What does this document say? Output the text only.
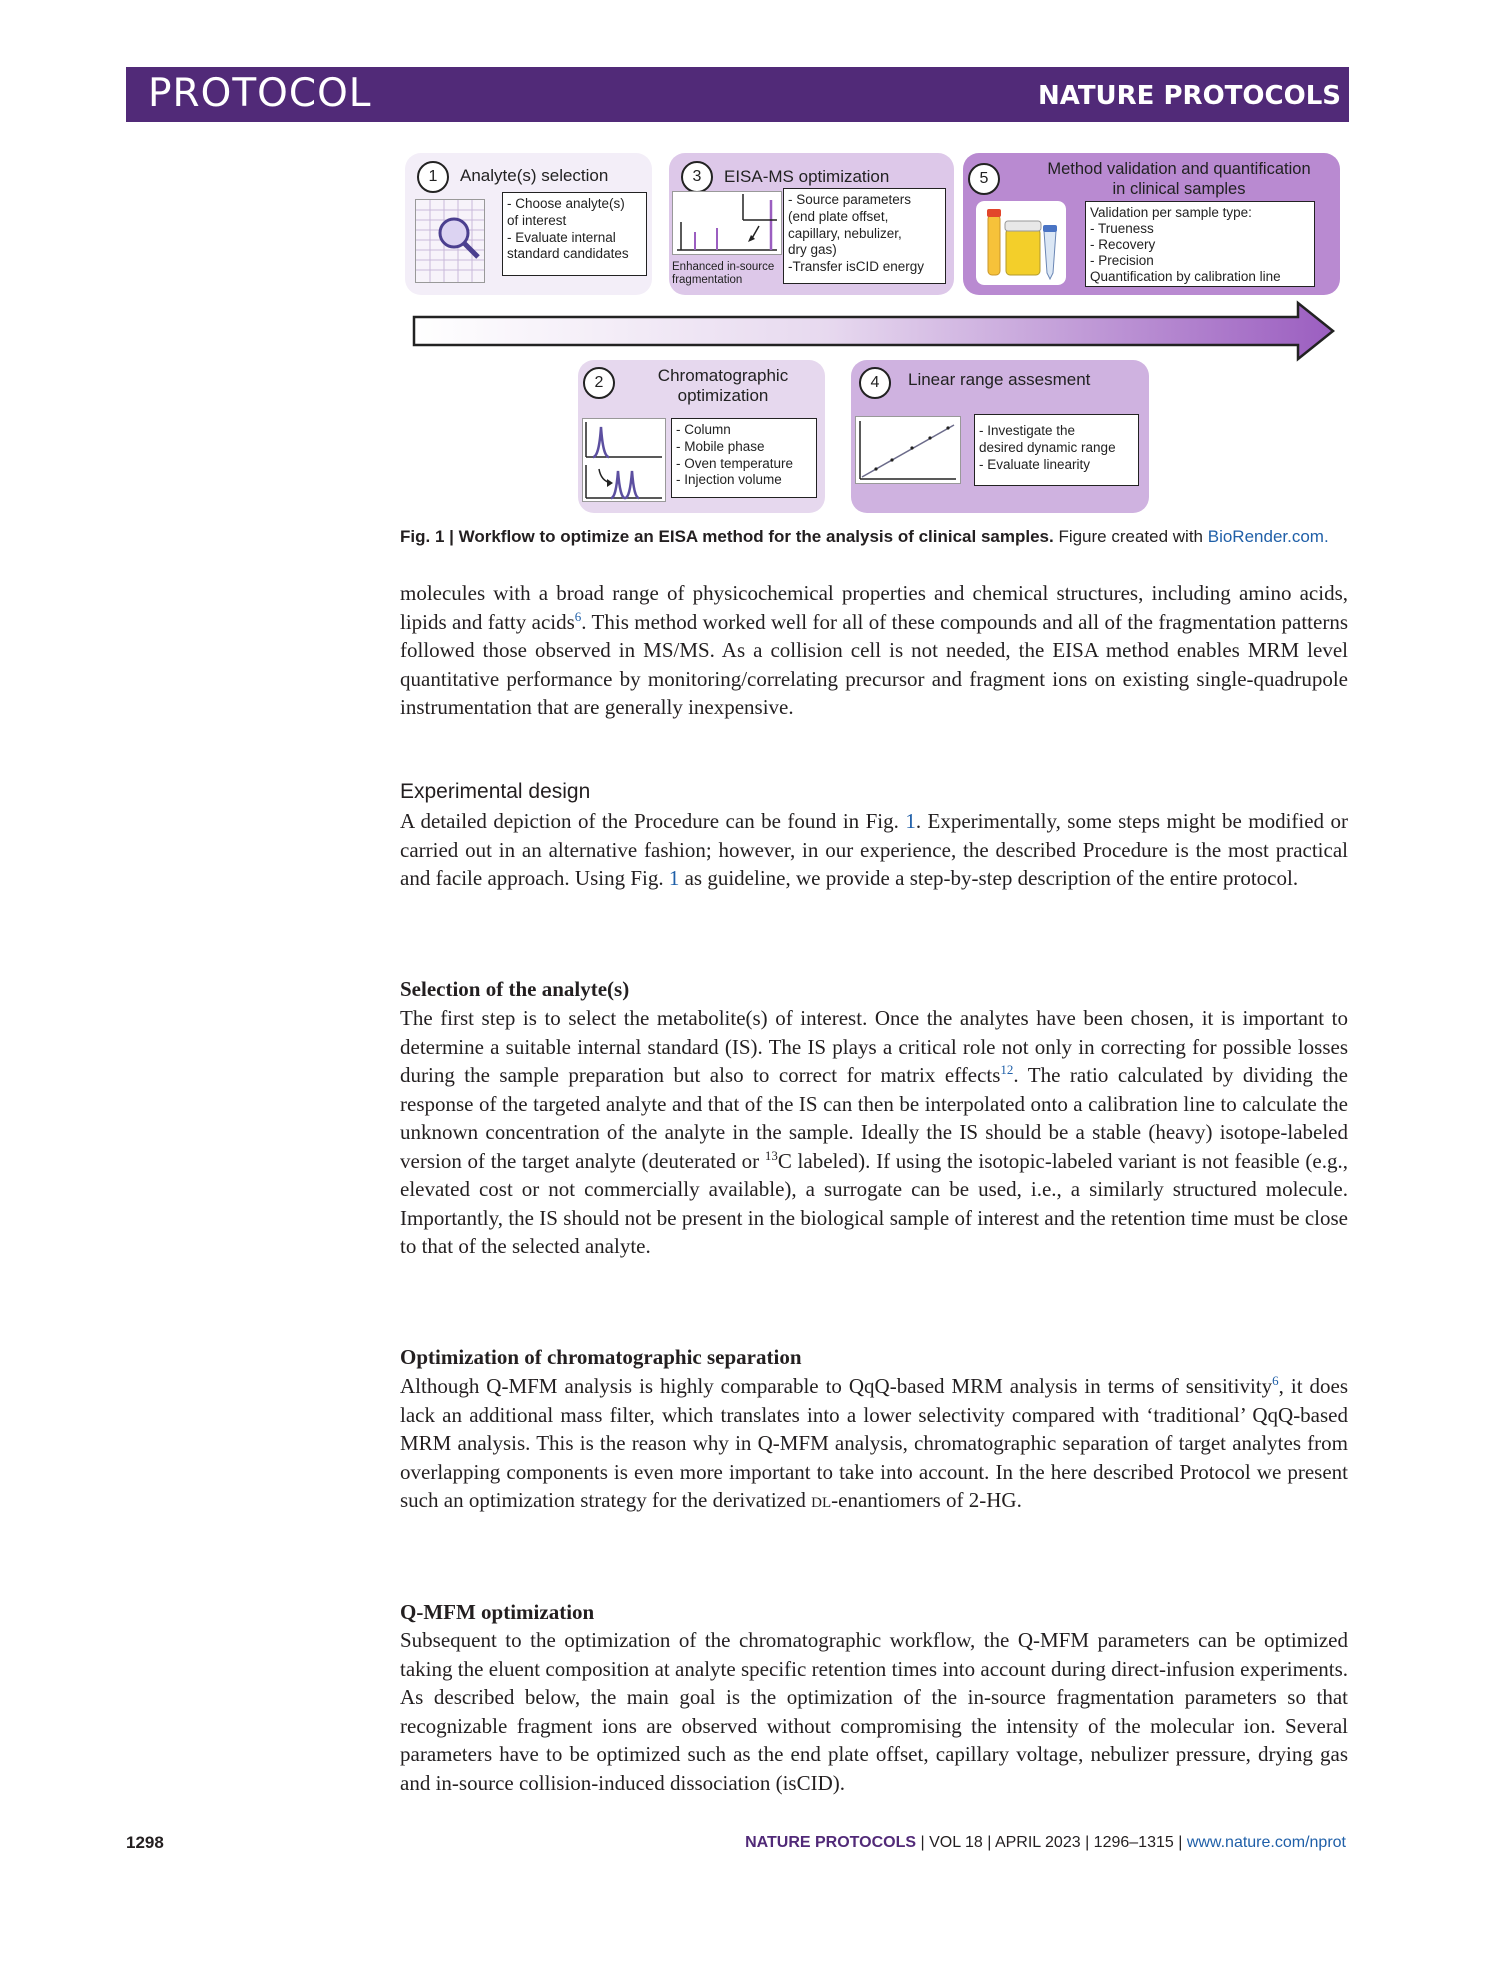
PROTOCOL	NATURE PROTOCOLS
1	Analyte(s) selection
- Choose analyte(s)
of interest
- Evaluate internal
standard candidates
3	EISA-MS optimization
Enhanced in-source
fragmentation
- Source parameters
(end plate offset,
capillary, nebulizer,
dry gas)
-Transfer isCID energy
5
Method validation and quantification
in clinical samples
Validation per sample type:
- Trueness
- Recovery
- Precision
Quantification by calibration line
2	Chromatographic
optimization
- Column
- Mobile phase
- Oven temperature
- Injection volume
4	Linear range assesment
- Investigate the
desired dynamic range
- Evaluate linearity
Fig. 1 | Workflow to optimize an EISA method for the analysis of clinical samples. Figure created with BioRender.com.
molecules with a broad range of physicochemical properties and chemical structures, including amino acids, lipids and fatty acids$^6$. This method worked well for all of these compounds and all of the fragmentation patterns followed those observed in MS/MS. As a collision cell is not needed, the EISA method enables MRM level quantitative performance by monitoring/correlating precursor and fragment ions on existing single-quadrupole instrumentation that are generally inexpensive.
Experimental design
A detailed depiction of the Procedure can be found in Fig. 1. Experimentally, some steps might be modified or carried out in an alternative fashion; however, in our experience, the described Procedure is the most practical and facile approach. Using Fig. 1 as guideline, we provide a step-by-step description of the entire protocol.
Selection of the analyte(s)
The first step is to select the metabolite(s) of interest. Once the analytes have been chosen, it is important to determine a suitable internal standard (IS). The IS plays a critical role not only in correcting for possible losses during the sample preparation but also to correct for matrix effects$^{12}$. The ratio calculated by dividing the response of the targeted analyte and that of the IS can then be interpolated onto a calibration line to calculate the unknown concentration of the analyte in the sample. Ideally the IS should be a stable (heavy) isotope-labeled version of the target analyte (deuterated or $^{13}$C labeled). If using the isotopic-labeled variant is not feasible (e.g., elevated cost or not commercially available), a surrogate can be used, i.e., a similarly structured molecule. Importantly, the IS should not be present in the biological sample of interest and the retention time must be close to that of the selected analyte.
Optimization of chromatographic separation
Although Q-MFM analysis is highly comparable to QqQ-based MRM analysis in terms of sensitivity$^6$, it does lack an additional mass filter, which translates into a lower selectivity compared with ‘traditional’ QqQ-based MRM analysis. This is the reason why in Q-MFM analysis, chromatographic separation of target analytes from overlapping components is even more important to take into account. In the here described Protocol we present such an optimization strategy for the derivatized dl-enantiomers of 2-HG.
Q-MFM optimization
Subsequent to the optimization of the chromatographic workflow, the Q-MFM parameters can be optimized taking the eluent composition at analyte specific retention times into account during direct-infusion experiments. As described below, the main goal is the optimization of the in-source fragmentation parameters so that recognizable fragment ions are observed without compromising the intensity of the molecular ion. Several parameters have to be optimized such as the end plate offset, capillary voltage, nebulizer pressure, drying gas and in-source collision-induced dissociation (isCID).
1298	NATURE PROTOCOLS | VOL 18 | APRIL 2023 | 1296–1315 | www.nature.com/nprot
